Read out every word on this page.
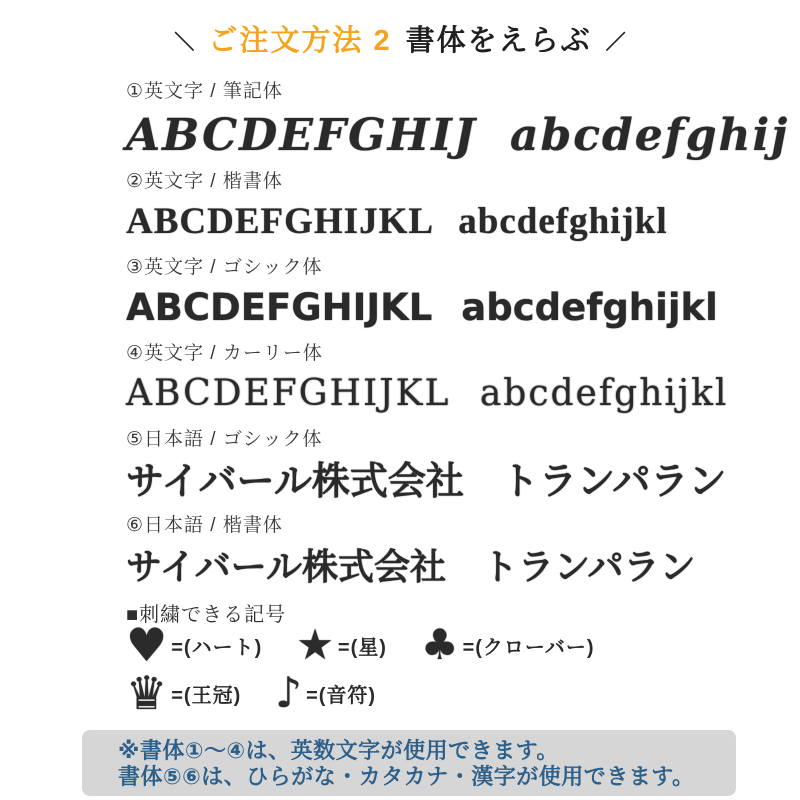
＼ ご注文方法 2 書体をえらぶ ／
①英文字 / 筆記体
ABCDEFGHIJ abcdefghij
②英文字 / 楷書体
ABCDEFGHIJKL abcdefghijkl
③英文字 / ゴシック体
ABCDEFGHIJKL abcdefghijkl
④英文字 / カーリー体
ABCDEFGHIJKL abcdefghijkl
⑤日本語 / ゴシック体
サイバール株式会社 トランパラン
⑥日本語 / 楷書体
サイバール株式会社　トランパラン
■刺繍できる記号
♥ =(ハート) ★ =(星) ♣ =(クローバー)
♛ =(王冠) ♪ =(音符)
※書体①〜④は、英数文字が使用できます。
書体⑤⑥は、ひらがな・カタカナ・漢字が使用できます。
